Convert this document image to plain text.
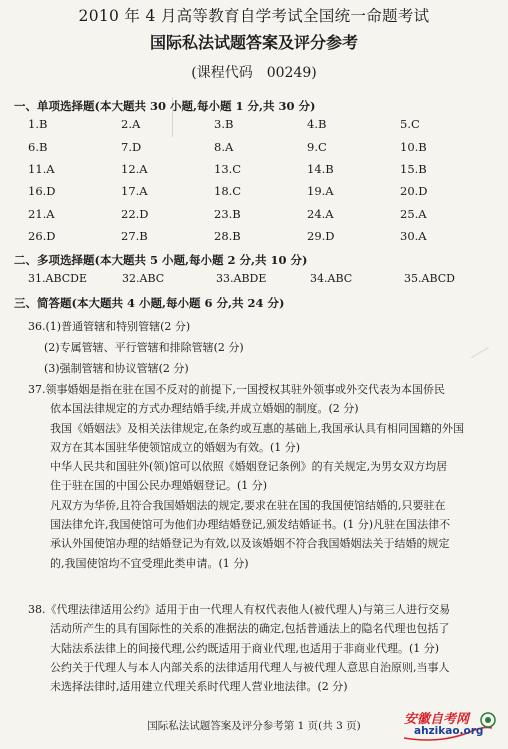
2010 年 4 月高等教育自学考试全国统一命题考试
国际私法试题答案及评分参考
(课程代码　00249)
一、单项选择题(本大题共 30 小题,每小题 1 分,共 30 分)
1.B	2.A	3.B	4.B	5.C
6.B	7.D	8.A	9.C	10.B
11.A	12.A	13.C	14.B	15.B
16.D	17.A	18.C	19.A	20.D
21.A	22.D	23.B	24.A	25.A
26.D	27.B	28.B	29.D	30.A
二、多项选择题(本大题共 5 小题,每小题 2 分,共 10 分)
31.ABCDE	32.ABC	33.ABDE	34.ABC	35.ABCD
三、简答题(本大题共 4 小题,每小题 6 分,共 24 分)
36.(1)普通管辖和特别管辖(2 分)
(2)专属管辖、平行管辖和排除管辖(2 分)
(3)强制管辖和协议管辖(2 分)
37.领事婚姻是指在驻在国不反对的前提下,一国授权其驻外领事或外交代表为本国侨民
依本国法律规定的方式办理结婚手续,并成立婚姻的制度。(2 分)
我国《婚姻法》及相关法律规定,在条约或互惠的基础上,我国承认具有相同国籍的外国
双方在其本国驻华使领馆成立的婚姻为有效。(1 分)
中华人民共和国驻外(领)馆可以依照《婚姻登记条例》的有关规定,为男女双方均居
住于驻在国的中国公民办理婚姻登记。(1 分)
凡双方为华侨,且符合我国婚姻法的规定,要求在驻在国的我国使馆结婚的,只要驻在
国法律允许,我国使馆可为他们办理结婚登记,颁发结婚证书。(1 分)凡驻在国法律不
承认外国使馆办理的结婚登记为有效,以及该婚姻不符合我国婚姻法关于结婚的规定
的,我国使馆均不宜受理此类申请。(1 分)
38.《代理法律适用公约》适用于由一代理人有权代表他人(被代理人)与第三人进行交易
活动所产生的具有国际性的关系的准据法的确定,包括普通法上的隐名代理也包括了
大陆法系法律上的间接代理,公约既适用于商业代理,也适用于非商业代理。(1 分)
公约关于代理人与本人内部关系的法律适用代理人与被代理人意思自治原则,当事人
未选择法律时,适用建立代理关系时代理人营业地法律。(2 分)
国际私法试题答案及评分参考第 1 页(共 3 页)	安徽自考网
ahzikao.org
